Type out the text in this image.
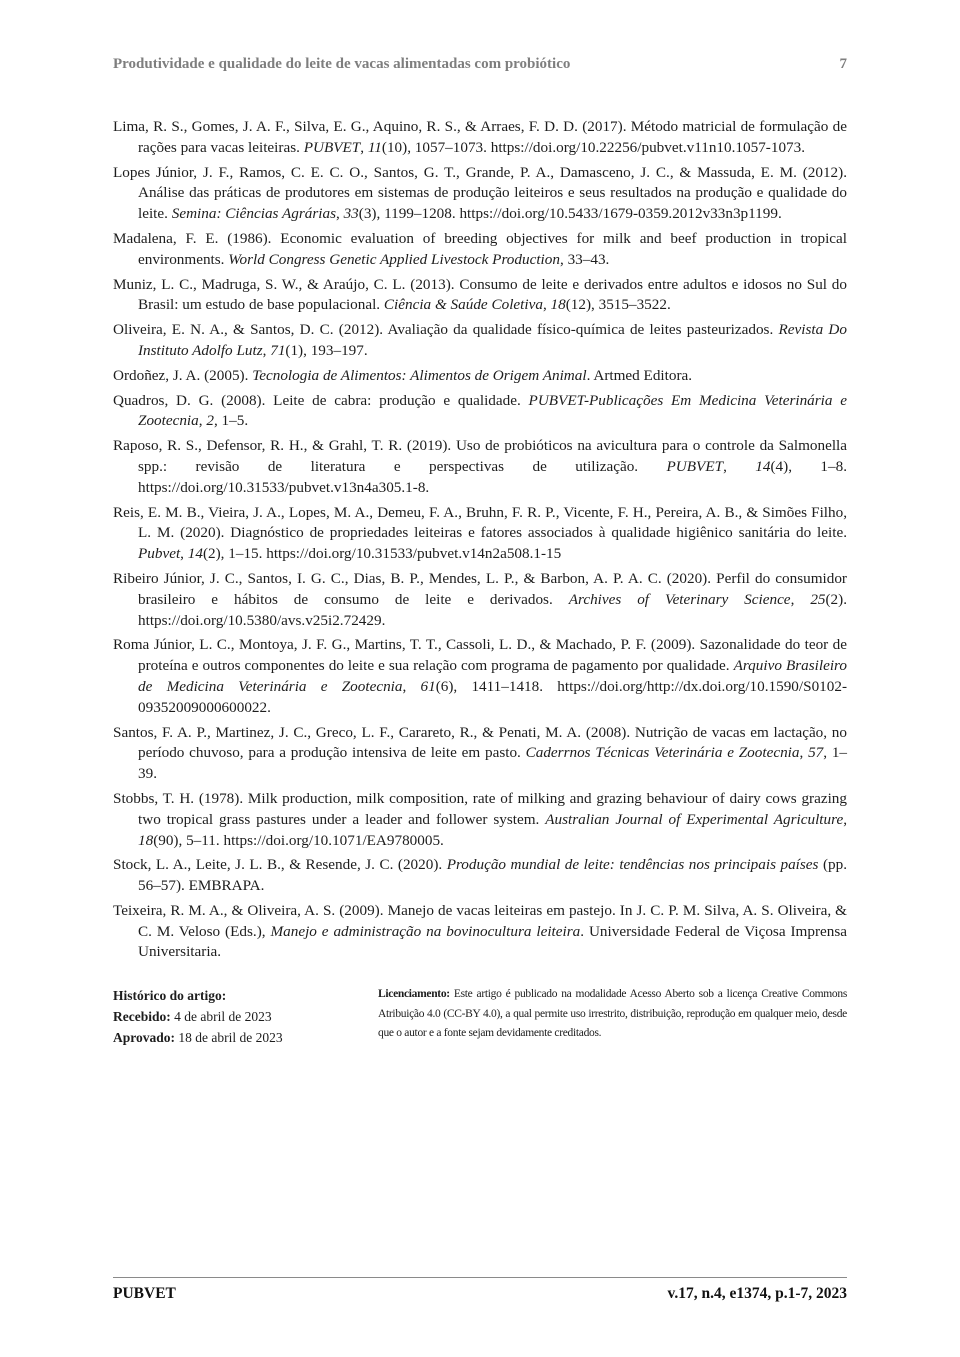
Produtividade e qualidade do leite de vacas alimentadas com probiótico	7

Lima, R. S., Gomes, J. A. F., Silva, E. G., Aquino, R. S., & Arraes, F. D. D. (2017). Método matricial de formulação de rações para vacas leiteiras. PUBVET, 11(10), 1057–1073. https://doi.org/10.22256/pubvet.v11n10.1057-1073.

Lopes Júnior, J. F., Ramos, C. E. C. O., Santos, G. T., Grande, P. A., Damasceno, J. C., & Massuda, E. M. (2012). Análise das práticas de produtores em sistemas de produção leiteiros e seus resultados na produção e qualidade do leite. Semina: Ciências Agrárias, 33(3), 1199–1208. https://doi.org/10.5433/1679-0359.2012v33n3p1199.

Madalena, F. E. (1986). Economic evaluation of breeding objectives for milk and beef production in tropical environments. World Congress Genetic Applied Livestock Production, 33–43.

Muniz, L. C., Madruga, S. W., & Araújo, C. L. (2013). Consumo de leite e derivados entre adultos e idosos no Sul do Brasil: um estudo de base populacional. Ciência & Saúde Coletiva, 18(12), 3515–3522.

Oliveira, E. N. A., & Santos, D. C. (2012). Avaliação da qualidade físico-química de leites pasteurizados. Revista Do Instituto Adolfo Lutz, 71(1), 193–197.

Ordoñez, J. A. (2005). Tecnologia de Alimentos: Alimentos de Origem Animal. Artmed Editora.

Quadros, D. G. (2008). Leite de cabra: produção e qualidade. PUBVET-Publicações Em Medicina Veterinária e Zootecnia, 2, 1–5.

Raposo, R. S., Defensor, R. H., & Grahl, T. R. (2019). Uso de probióticos na avicultura para o controle da Salmonella spp.: revisão de literatura e perspectivas de utilização. PUBVET, 14(4), 1–8. https://doi.org/10.31533/pubvet.v13n4a305.1-8.

Reis, E. M. B., Vieira, J. A., Lopes, M. A., Demeu, F. A., Bruhn, F. R. P., Vicente, F. H., Pereira, A. B., & Simões Filho, L. M. (2020). Diagnóstico de propriedades leiteiras e fatores associados à qualidade higiênico sanitária do leite. Pubvet, 14(2), 1–15. https://doi.org/10.31533/pubvet.v14n2a508.1-15

Ribeiro Júnior, J. C., Santos, I. G. C., Dias, B. P., Mendes, L. P., & Barbon, A. P. A. C. (2020). Perfil do consumidor brasileiro e hábitos de consumo de leite e derivados. Archives of Veterinary Science, 25(2). https://doi.org/10.5380/avs.v25i2.72429.

Roma Júnior, L. C., Montoya, J. F. G., Martins, T. T., Cassoli, L. D., & Machado, P. F. (2009). Sazonalidade do teor de proteína e outros componentes do leite e sua relação com programa de pagamento por qualidade. Arquivo Brasileiro de Medicina Veterinária e Zootecnia, 61(6), 1411–1418. https://doi.org/http://dx.doi.org/10.1590/S0102-09352009000600022.

Santos, F. A. P., Martinez, J. C., Greco, L. F., Carareto, R., & Penati, M. A. (2008). Nutrição de vacas em lactação, no período chuvoso, para a produção intensiva de leite em pasto. Caderrnos Técnicas Veterinária e Zootecnia, 57, 1–39.

Stobbs, T. H. (1978). Milk production, milk composition, rate of milking and grazing behaviour of dairy cows grazing two tropical grass pastures under a leader and follower system. Australian Journal of Experimental Agriculture, 18(90), 5–11. https://doi.org/10.1071/EA9780005.

Stock, L. A., Leite, J. L. B., & Resende, J. C. (2020). Produção mundial de leite: tendências nos principais países (pp. 56–57). EMBRAPA.

Teixeira, R. M. A., & Oliveira, A. S. (2009). Manejo de vacas leiteiras em pastejo. In J. C. P. M. Silva, A. S. Oliveira, & C. M. Veloso (Eds.), Manejo e administração na bovinocultura leiteira. Universidade Federal de Viçosa Imprensa Universitaria.

Histórico do artigo:
Recebido: 4 de abril de 2023
Aprovado: 18 de abril de 2023
Licenciamento: Este artigo é publicado na modalidade Acesso Aberto sob a licença Creative Commons Atribuição 4.0 (CC-BY 4.0), a qual permite uso irrestrito, distribuição, reprodução em qualquer meio, desde que o autor e a fonte sejam devidamente creditados.
PUBVET	v.17, n.4, e1374, p.1-7, 2023
